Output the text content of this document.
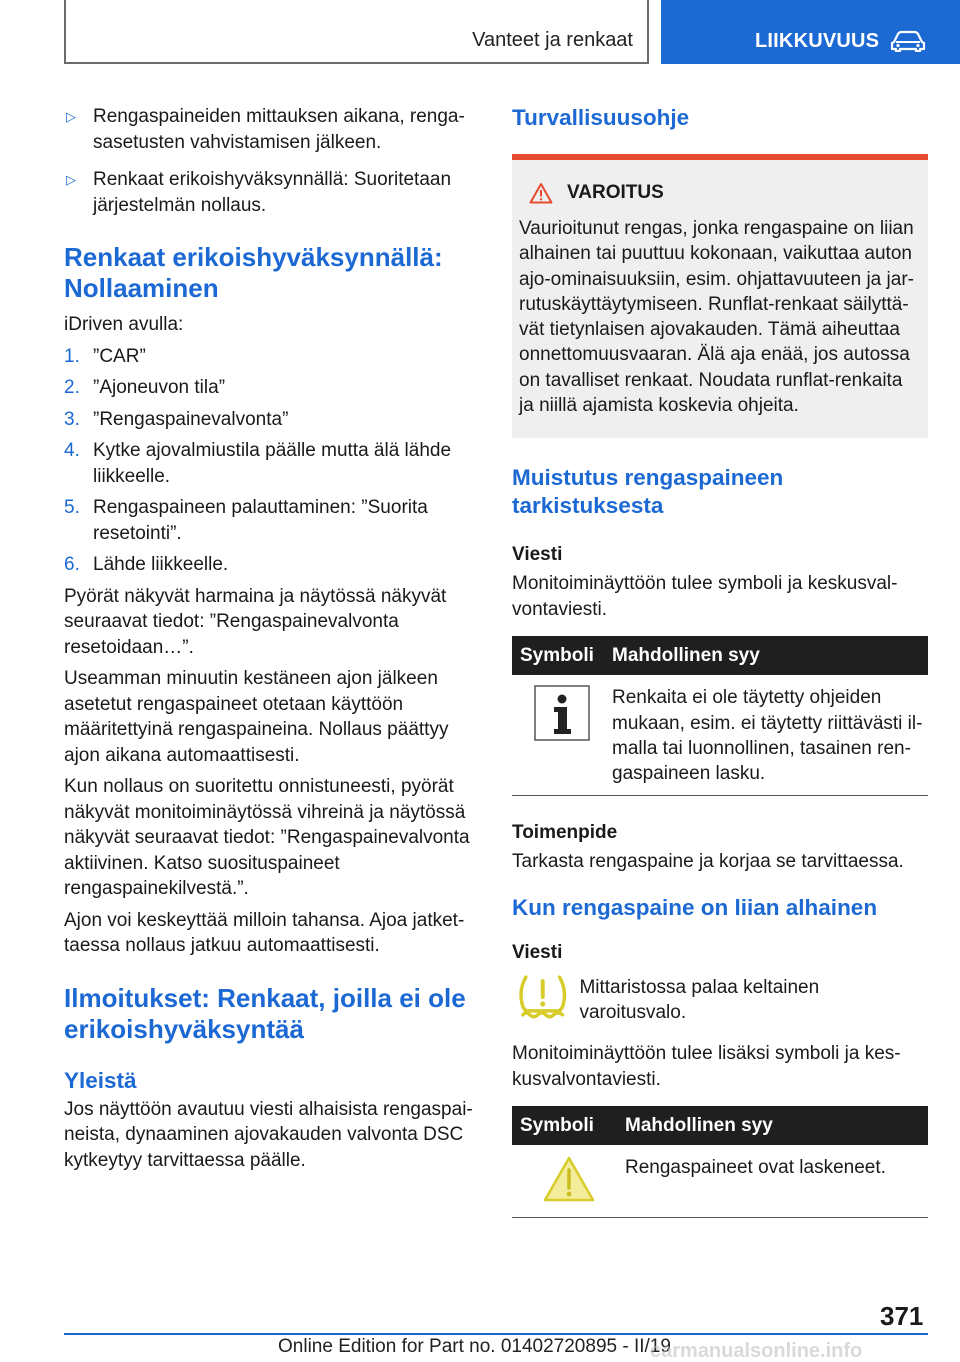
Vanteet ja renkaat	LIIKKUVUUS
▷ Rengaspaineiden mittauksen aikana, rengasasetusten vahvistamisen jälkeen.
▷ Renkaat erikoishyväksynnällä: Suoritetaan järjestelmän nollaus.
Renkaat erikoishyväksynnällä: Nollaaminen
iDriven avulla:
1. ”CAR”
2. ”Ajoneuvon tila”
3. ”Rengaspainevalvonta”
4. Kytke ajovalmiustila päälle mutta älä lähde liikkeelle.
5. Rengaspaineen palauttaminen: ”Suorita resetointi”.
6. Lähde liikkeelle.
Pyörät näkyvät harmaina ja näytössä näkyvät seuraavat tiedot: ”Rengaspainevalvonta resetoidaan…”.
Useamman minuutin kestäneen ajon jälkeen asetetut rengaspaineet otetaan käyttöön määritettyinä rengaspaineina. Nollaus päättyy ajon aikana automaattisesti.
Kun nollaus on suoritettu onnistuneesti, pyörät näkyvät monitoiminäytössä vihreinä ja näytössä näkyvät seuraavat tiedot: ”Rengaspainevalvonta aktiivinen. Katso suosituspaineet rengaspainekilvestä.”.
Ajon voi keskeyttää milloin tahansa. Ajoa jatkettaessa nollaus jatkuu automaattisesti.
Ilmoitukset: Renkaat, joilla ei ole erikoishyväksyntää
Yleistä
Jos näyttöön avautuu viesti alhaisista rengaspaineista, dynaaminen ajovakauden valvonta DSC kytkeytyy tarvittaessa päälle.
Turvallisuusohje
VAROITUS
Vaurioitunut rengas, jonka rengaspaine on liian alhainen tai puuttuu kokonaan, vaikuttaa auton ajo-ominaisuuksiin, esim. ohjattavuuteen ja jarrutuskäyttäytymiseen. Runflat-renkaat säilyttävät tietynlaisen ajovakauden. Tämä aiheuttaa onnettomuusvaaran. Älä aja enää, jos autossa on tavalliset renkaat. Noudata runflat-renkaita ja niillä ajamista koskevia ohjeita.
Muistutus rengaspaineen tarkistuksesta
Viesti
Monitoiminäyttöön tulee symboli ja keskusvalvontaviesti.
Symboli Mahdollinen syy
Renkaita ei ole täytetty ohjeiden mukaan, esim. ei täytetty riittävästi ilmalla tai luonnollinen, tasainen rengaspaineen lasku.
Toimenpide
Tarkasta rengaspaine ja korjaa se tarvittaessa.
Kun rengaspaine on liian alhainen
Viesti
Mittaristossa palaa keltainen varoitusvalo.
Monitoiminäyttöön tulee lisäksi symboli ja keskusvalvontaviesti.
Symboli	Mahdollinen syy
Rengaspaineet ovat laskeneet.
371
Online Edition for Part no. 01402720895 - II/19
carmanualsonline.info
